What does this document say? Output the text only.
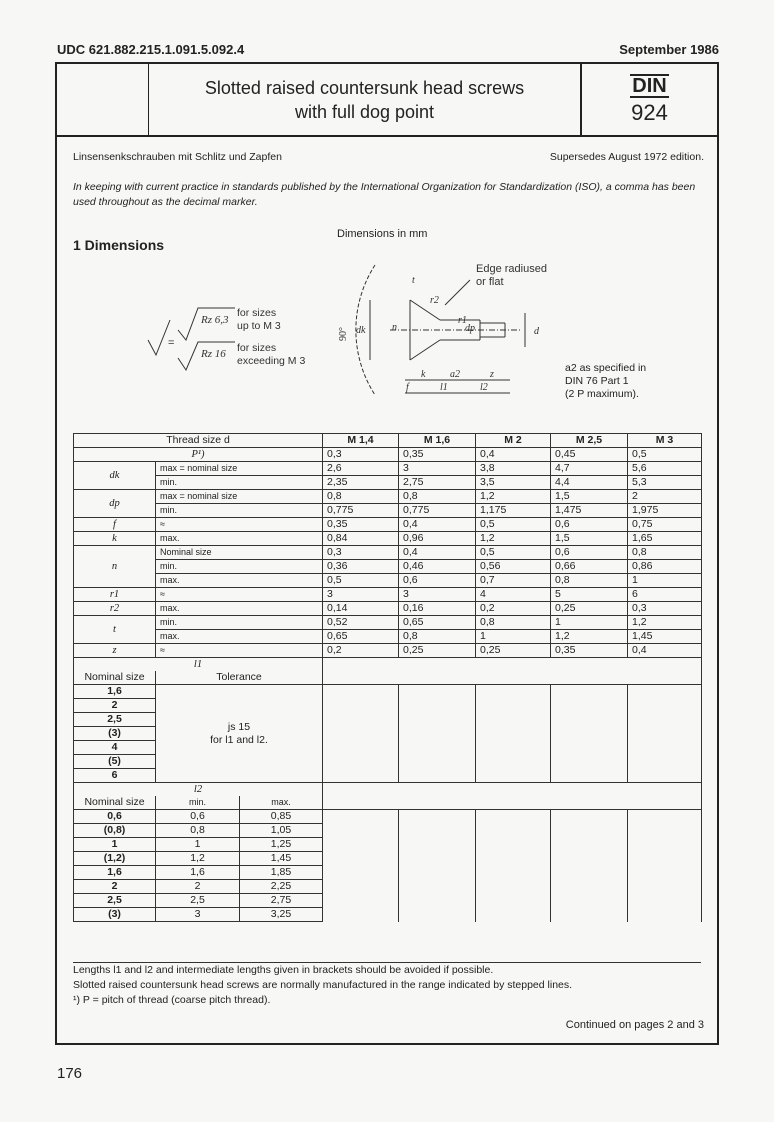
UDC 621.882.215.1.091.5.092.4	September 1986
Slotted raised countersunk head screws
with full dog point
DIN
924
Linsensenkschrauben mit Schlitz und Zapfen	Supersedes August 1972 edition.
In keeping with current practice in standards published by the International Organization for Standardization (ISO), a comma has been used throughout as the decimal marker.
1 Dimensions
Dimensions in mm
=
Rz 6,3
Rz 16
for sizes
up to M 3
for sizes
exceeding M 3
dk	dp	d
k a2	z
f	l1	l2
t
r2
r1
n
90°
Edge radiused
or flat
a2 as specified in
DIN 76 Part 1
(2 P maximum).
Thread size d			M 1,4	M 1,6	M 2	M 2,5	M 3
P¹)			0,3	0,35	0,4	0,45	0,5
dk	max = nominal size		2,6	3	3,8	4,7	5,6
	min.		2,35	2,75	3,5	4,4	5,3
dp	max = nominal size		0,8	0,8	1,2	1,5	2
	min.		0,775	0,775	1,175	1,475	1,975
f	≈		0,35	0,4	0,5	0,6	0,75
k	max.		0,84	0,96	1,2	1,5	1,65
n	Nominal size		0,3	0,4	0,5	0,6	0,8
	min.		0,36	0,46	0,56	0,66	0,86
	max.		0,5	0,6	0,7	0,8	1
r1	≈		3	3	4	5	6
r2	max.		0,14	0,16	0,2	0,25	0,3
t	min.		0,52	0,65	0,8	1	1,2
	max.		0,65	0,8	1	1,2	1,45
z	≈		0,2	0,25	0,25	0,35	0,4
l1							
Nominal size	Tolerance						
1,6	js 15
for l1 and l2.						

2							
2,5							
(3)							
4							
(5)							
6							
l2							
Nominal size	min.	max.					
0,6	0,6	0,85					
(0,8)	0,8	1,05					
1	1	1,25					
(1,2)	1,2	1,45					
1,6	1,6	1,85					
2	2	2,25					
2,5	2,5	2,75					
(3)	3	3,25					
Lengths l1 and l2 and intermediate lengths given in brackets should be avoided if possible.
Slotted raised countersunk head screws are normally manufactured in the range indicated by stepped lines.
¹) P = pitch of thread (coarse pitch thread).
Continued on pages 2 and 3
176
